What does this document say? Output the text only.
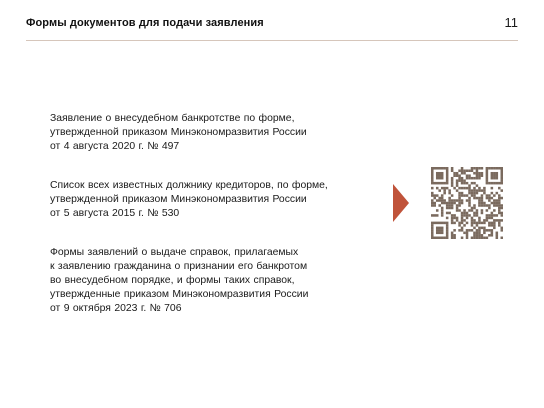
Формы документов для подачи заявления	11
Заявление о внесудебном банкротстве по форме,
утвержденной приказом Минэкономразвития России
от 4 августа 2020 г. № 497
Список всех известных должнику кредиторов, по форме,
утвержденной приказом Минэкономразвития России
от 5 августа 2015 г. № 530
Формы заявлений о выдаче справок, прилагаемых
к заявлению гражданина о признании его банкротом
во внесудебном порядке, и формы таких справок,
утвержденные приказом Минэкономразвития России
от 9 октября 2023 г. № 706
